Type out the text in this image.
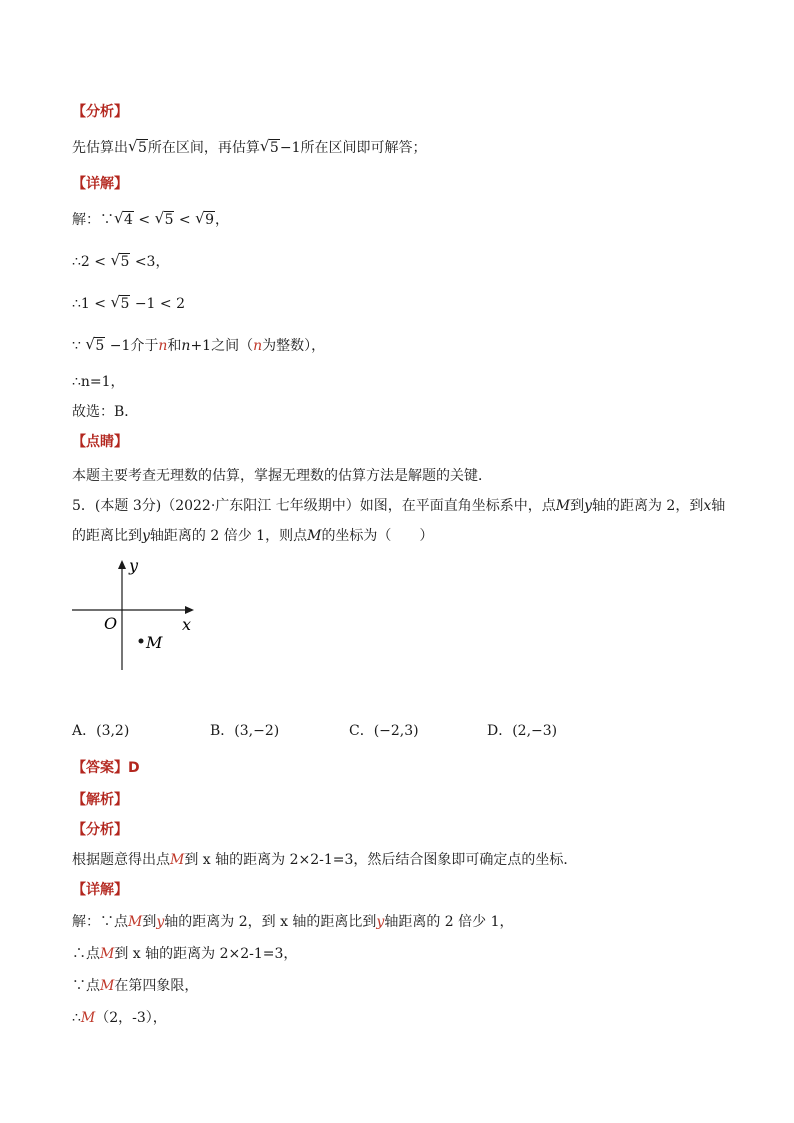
【分析】
先估算出 √ 5所在区间，再估算 √ 5−1所在区间即可解答；
【详解】
解：∵ √ 4 < √ 5 < √ 9，
∴2 < √ 5 <3，
∴1 < √ 5 −1 < 2
∵ √ 5 −1介于n和n+1之间（n为整数），
∴n=1，
故选：B．
【点睛】
本题主要考查无理数的估算，掌握无理数的估算方法是解题的关键．
5．(本题 3分)（2022·广东阳江 七年级期中）如图，在平面直角坐标系中，点M到y轴的距离为 2，到x轴
的距离比到y轴距离的 2 倍少 1，则点M的坐标为（　　）
y
x
O
M
A．(3,2)	B．(3,−2)	C．(−2,3)	D．(2,−3)
【答案】D
【解析】
【分析】
根据题意得出点M到 x 轴的距离为 2×2-1=3，然后结合图象即可确定点的坐标．
【详解】
解：∵点M到y轴的距离为 2，到 x 轴的距离比到y轴距离的 2 倍少 1，
∴点M到 x 轴的距离为 2×2-1=3，
∵点M在第四象限，
∴M（2，-3），
